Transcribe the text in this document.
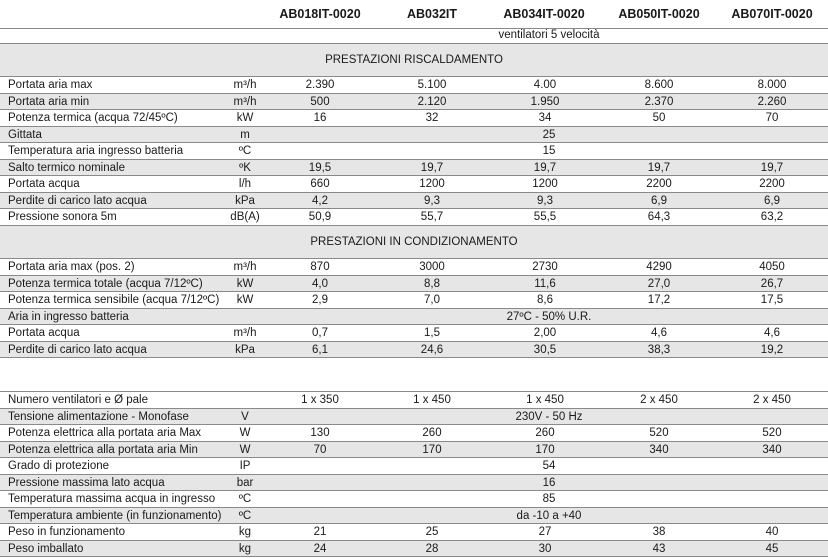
AB018IT-0020	AB032IT	AB034IT-0020	AB050IT-0020	AB070IT-0020
ventilatori 5 velocità
PRESTAZIONI RISCALDAMENTO
Portata aria max	m³/h	2.390	5.100	4.00	8.600	8.000
Portata aria min	m³/h	500	2.120	1.950	2.370	2.260
Potenza termica (acqua 72/45ºC)	kW	16	32	34	50	70
Gittata	m	25
Temperatura aria ingresso batteria	ºC	15
Salto termico nominale	ºK	19,5	19,7	19,7	19,7	19,7
Portata acqua	l/h	660	1200	1200	2200	2200
Perdite di carico lato acqua	kPa	4,2	9,3	9,3	6,9	6,9
Pressione sonora 5m	dB(A)	50,9	55,7	55,5	64,3	63,2
PRESTAZIONI IN CONDIZIONAMENTO
Portata aria max (pos. 2)	m³/h	870	3000	2730	4290	4050
Potenza termica totale (acqua 7/12ºC)	kW	4,0	8,8	11,6	27,0	26,7
Potenza termica sensibile (acqua 7/12ºC)	kW	2,9	7,0	8,6	17,2	17,5
Aria in ingresso batteria	27ºC - 50% U.R.
Portata acqua	m³/h	0,7	1,5	2,00	4,6	4,6
Perdite di carico lato acqua	kPa	6,1	24,6	30,5	38,3	19,2
Numero ventilatori e Ø pale	1 x 350	1 x 450	1 x 450	2 x 450	2 x 450
Tensione alimentazione - Monofase	V	230V - 50 Hz
Potenza elettrica alla portata aria Max	W	130	260	260	520	520
Potenza elettrica alla portata aria Min	W	70	170	170	340	340
Grado di protezione	IP	54
Pressione massima lato acqua	bar	16
Temperatura massima acqua in ingresso	ºC	85
Temperatura ambiente (in funzionamento)	ºC	da -10 a +40
Peso in funzionamento	kg	21	25	27	38	40
Peso imballato	kg	24	28	30	43	45
